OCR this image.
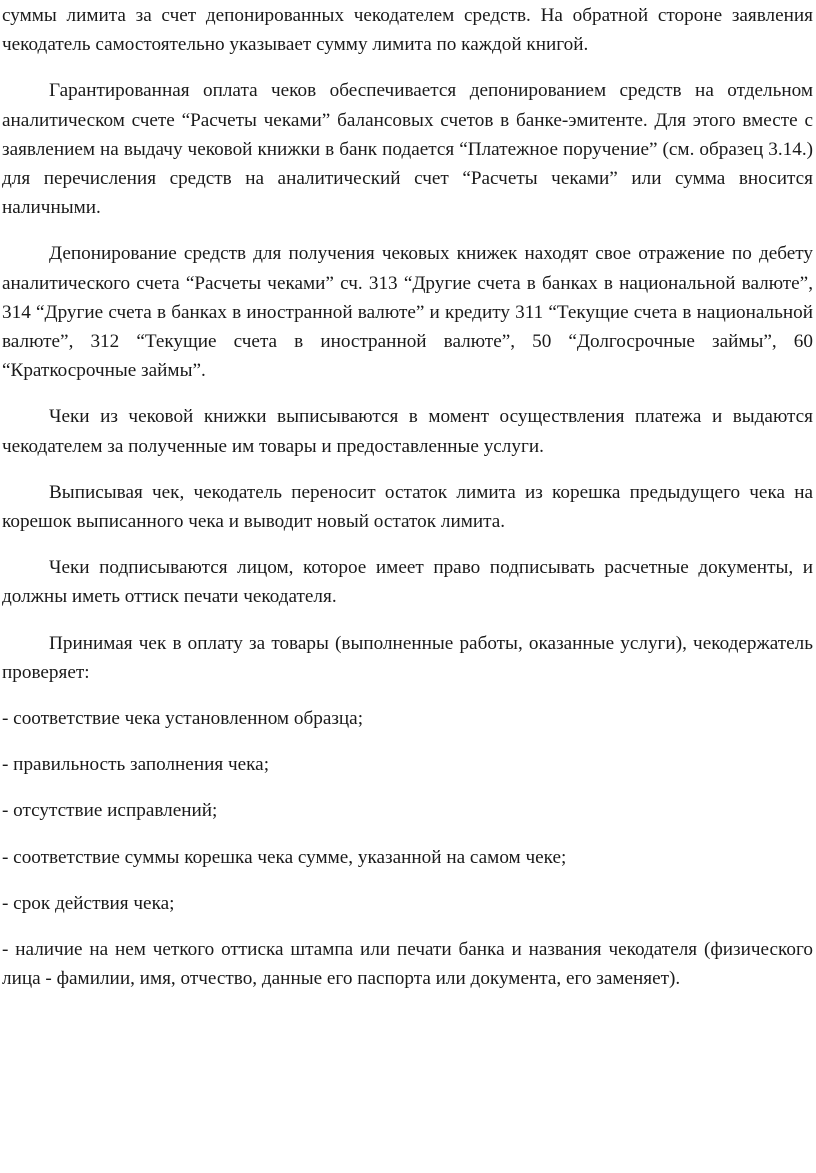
суммы лимита за счет депонированных чекодателем средств. На обратной стороне заявления чекодатель самостоятельно указывает сумму лимита по каждой книгой.

Гарантированная оплата чеков обеспечивается депонированием средств на отдельном аналитическом счете “Расчеты чеками” балансовых счетов в банке-эмитенте. Для этого вместе с заявлением на выдачу чековой книжки в банк подается “Платежное поручение” (см. образец 3.14.) для перечисления средств на аналитический счет “Расчеты чеками” или сумма вносится наличными.

Депонирование средств для получения чековых книжек находят свое отражение по дебету аналитического счета “Расчеты чеками” сч. 313 “Другие счета в банках в национальной валюте”, 314 “Другие счета в банках в иностранной валюте” и кредиту 311 “Текущие счета в национальной валюте”, 312 “Текущие счета в иностранной валюте”, 50 “Долгосрочные займы”, 60 “Краткосрочные займы”.

Чеки из чековой книжки выписываются в момент осуществления платежа и выдаются чекодателем за полученные им товары и предоставленные услуги.

Выписывая чек, чекодатель переносит остаток лимита из корешка предыдущего чека на корешок выписанного чека и выводит новый остаток лимита.

Чеки подписываются лицом, которое имеет право подписывать расчетные документы, и должны иметь оттиск печати чекодателя.

Принимая чек в оплату за товары (выполненные работы, оказанные услуги), чекодержатель проверяет:

- соответствие чека установленном образца;

- правильность заполнения чека;

- отсутствие исправлений;

- соответствие суммы корешка чека сумме, указанной на самом чеке;

- срок действия чека;

- наличие на нем четкого оттиска штампа или печати банка и названия чекодателя (физического лица - фамилии, имя, отчество, данные его паспорта или документа, его заменяет).
